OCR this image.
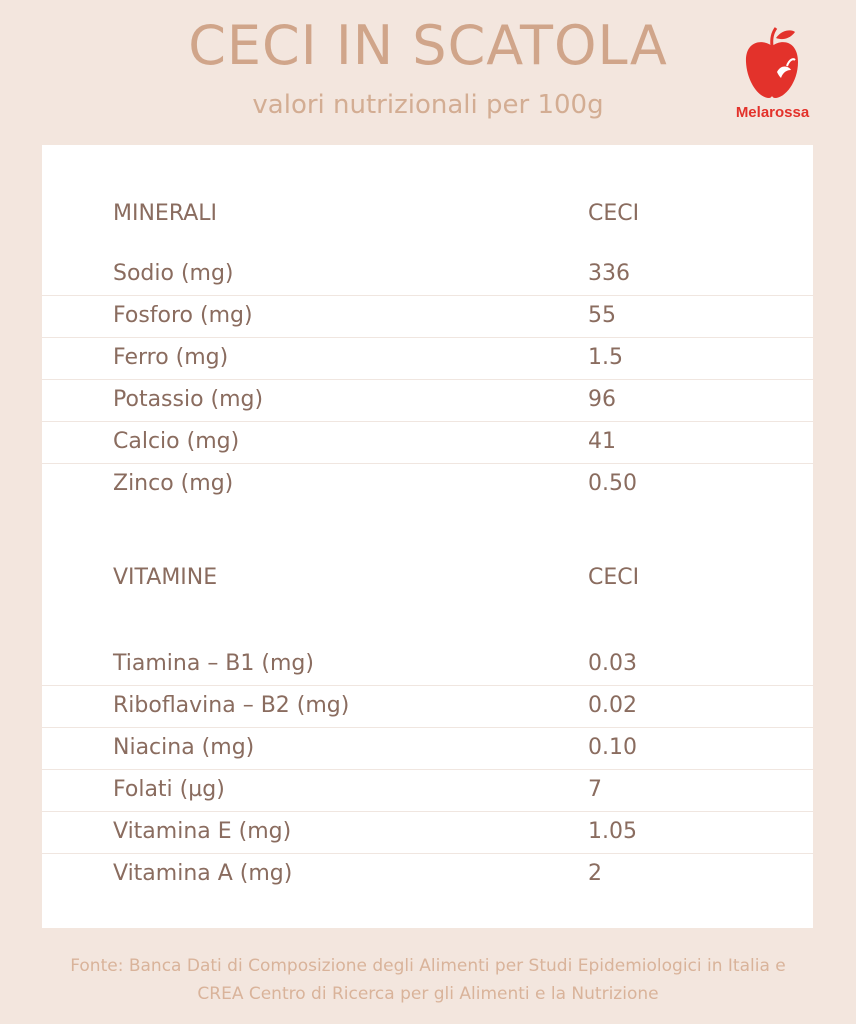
CECI IN SCATOLA
valori nutrizionali per 100g	Melarossa
MINERALI	CECI
Sodio (mg)	336
Fosforo (mg)	55
Ferro (mg)	1.5
Potassio (mg)	96
Calcio (mg)	41
Zinco (mg)	0.50
VITAMINE	CECI
Tiamina – B1 (mg)	0.03
Riboflavina – B2 (mg)	0.02
Niacina (mg)	0.10
Folati (µg)	7
Vitamina E (mg)	1.05
Vitamina A (mg)	2
Fonte: Banca Dati di Composizione degli Alimenti per Studi Epidemiologici in Italia e
CREA Centro di Ricerca per gli Alimenti e la Nutrizione
